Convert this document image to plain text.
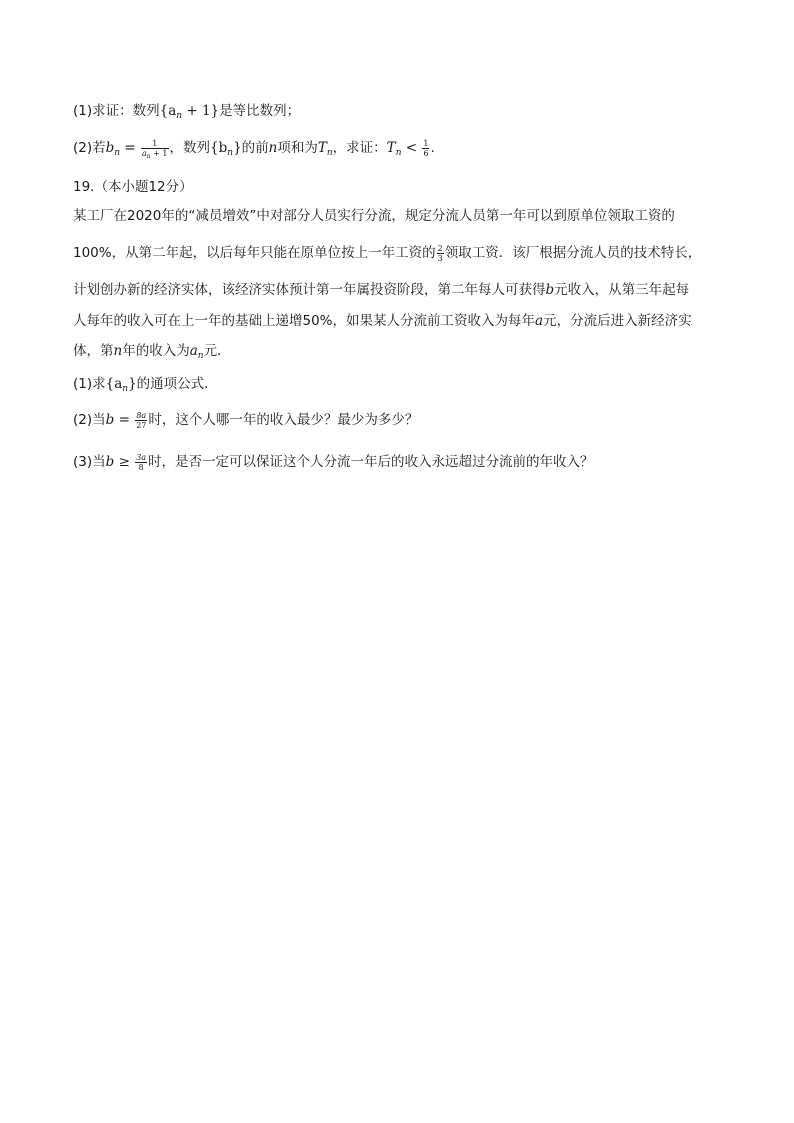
(1)求证：数列$\{a_n + 1\}$是等比数列；
(2)若$b_n = \frac{1}{a_n + 1}$ ，数列$\{b_n\}$的前n项和为$T_n$，求证：$T_n < \frac{1}{6}$ .
19.（本小题12分）
某工厂在2020年的“减员增效”中对部分人员实行分流，规定分流人员第一年可以到原单位领取工资的
100%，从第二年起，以后每年只能在原单位按上一年工资的 $\frac{2}{3}$ 领取工资．该厂根据分流人员的技术特长，
计划创办新的经济实体，该经济实体预计第一年属投资阶段，第二年每人可获得b元收入，从第三年起每
人每年的收入可在上一年的基础上递增50%，如果某人分流前工资收入为每年a元，分流后进入新经济实
体，第n年的收入为$a_n$元．
(1)求$\{a_n\}$的通项公式．
(2)当$b = \frac{8a}{27}$ 时，这个人哪一年的收入最少？最少为多少？
(3)当$b \ge \frac{3a}{8}$ 时，是否一定可以保证这个人分流一年后的收入永远超过分流前的年收入？
